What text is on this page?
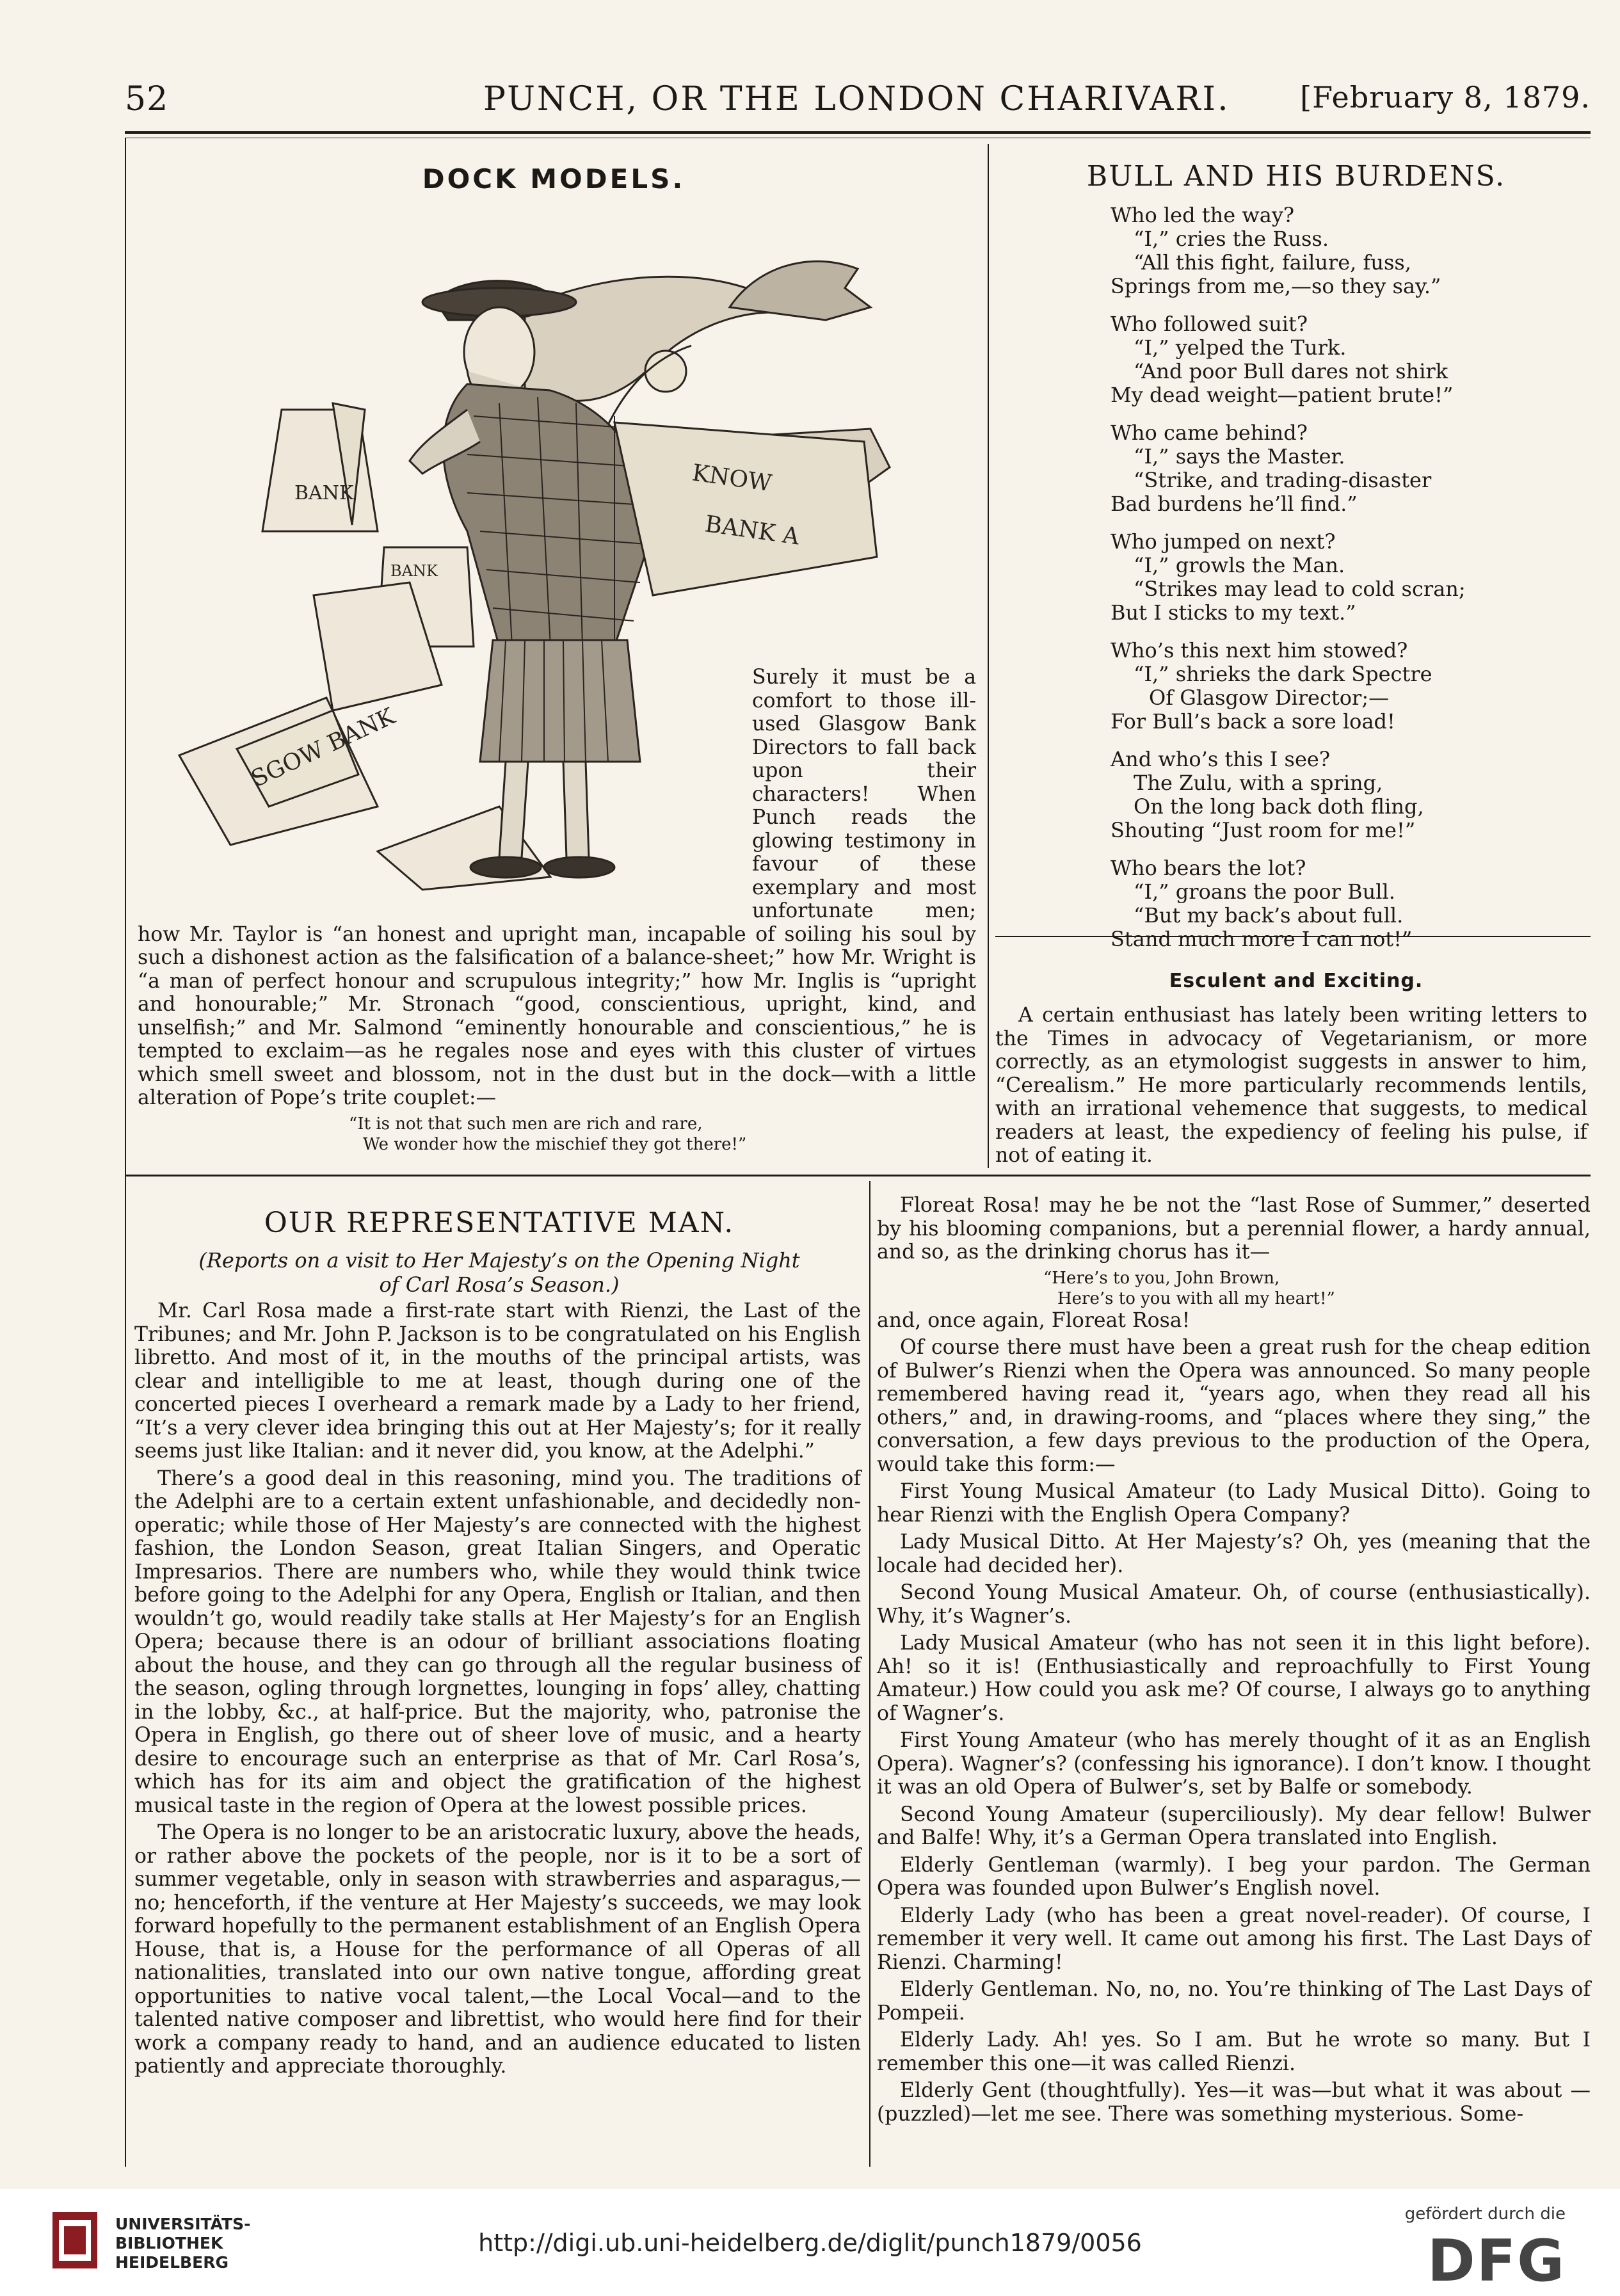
52	PUNCH, OR THE LONDON CHARIVARI. [February 8, 1879.
DOCK MODELS.
BANK
BANK
KNOW
BANK A
SGOW BANK

Surely it must be a comfort to those ill-used Glasgow Bank Directors to fall back upon their characters! When Punch reads the glowing testimony in favour of these exemplary and most unfortunate men; how Mr. Taylor is “an honest and upright man, incapable of soiling his soul by such a dishonest action as the falsification of a balance-sheet;” how Mr. Wright is “a man of perfect honour and scrupulous integrity;” how Mr. Inglis is “upright and honourable;” Mr. Stronach “good, conscientious, upright, kind, and unselfish;” and Mr. Salmond “eminently honourable and conscientious,” he is tempted to exclaim—as he regales nose and eyes with this cluster of virtues which smell sweet and blossom, not in the dust but in the dock—with a little alteration of Pope’s trite couplet:—

“It is not that such men are rich and rare,
We wonder how the mischief they got there!”
BULL AND HIS BURDENS.
Who led the way?
“I,” cries the Russ.
“All this fight, failure, fuss,
Springs from me,—so they say.”
Who followed suit?
“I,” yelped the Turk.
“And poor Bull dares not shirk
My dead weight—patient brute!”
Who came behind?
“I,” says the Master.
“Strike, and trading-disaster
Bad burdens he’ll find.”
Who jumped on next?
“I,” growls the Man.
“Strikes may lead to cold scran;
But I sticks to my text.”
Who’s this next him stowed?
“I,” shrieks the dark Spectre
Of Glasgow Director;—
For Bull’s back a sore load!
And who’s this I see?
The Zulu, with a spring,
On the long back doth fling,
Shouting “Just room for me!”
Who bears the lot?
“I,” groans the poor Bull.
“But my back’s about full.
Stand much more I can not!”
Esculent and Exciting.

A certain enthusiast has lately been writing letters to the Times in advocacy of Vegetarianism, or more correctly, as an etymologist suggests in answer to him, “Cerealism.” He more particularly recommends lentils, with an irrational vehemence that suggests, to medical readers at least, the expediency of feeling his pulse, if not of eating it.

OUR REPRESENTATIVE MAN.
(Reports on a visit to Her Majesty’s on the Opening Night of Carl Rosa’s Season.)

Mr. Carl Rosa made a first-rate start with Rienzi, the Last of the Tribunes; and Mr. John P. Jackson is to be congratulated on his English libretto. And most of it, in the mouths of the principal artists, was clear and intelligible to me at least, though during one of the concerted pieces I overheard a remark made by a Lady to her friend, “It’s a very clever idea bringing this out at Her Majesty’s; for it really seems just like Italian: and it never did, you know, at the Adelphi.”

There’s a good deal in this reasoning, mind you. The traditions of the Adelphi are to a certain extent unfashionable, and decidedly non-operatic; while those of Her Majesty’s are connected with the highest fashion, the London Season, great Italian Singers, and Operatic Impresarios. There are numbers who, while they would think twice before going to the Adelphi for any Opera, English or Italian, and then wouldn’t go, would readily take stalls at Her Majesty’s for an English Opera; because there is an odour of brilliant associations floating about the house, and they can go through all the regular business of the season, ogling through lorgnettes, lounging in fops’ alley, chatting in the lobby, &c., at half-price. But the majority, who, patronise the Opera in English, go there out of sheer love of music, and a hearty desire to encourage such an enterprise as that of Mr. Carl Rosa’s, which has for its aim and object the gratification of the highest musical taste in the region of Opera at the lowest possible prices.

The Opera is no longer to be an aristocratic luxury, above the heads, or rather above the pockets of the people, nor is it to be a sort of summer vegetable, only in season with strawberries and asparagus,—no; henceforth, if the venture at Her Majesty’s succeeds, we may look forward hopefully to the permanent establishment of an English Opera House, that is, a House for the performance of all Operas of all nationalities, translated into our own native tongue, affording great opportunities to native vocal talent,—the Local Vocal—and to the talented native composer and librettist, who would here find for their work a company ready to hand, and an audience educated to listen patiently and appreciate thoroughly.

Floreat Rosa! may he be not the “last Rose of Summer,” deserted by his blooming companions, but a perennial flower, a hardy annual, and so, as the drinking chorus has it—

“Here’s to you, John Brown,
Here’s to you with all my heart!”

and, once again, Floreat Rosa!

Of course there must have been a great rush for the cheap edition of Bulwer’s Rienzi when the Opera was announced. So many people remembered having read it, “years ago, when they read all his others,” and, in drawing-rooms, and “places where they sing,” the conversation, a few days previous to the production of the Opera, would take this form:—

First Young Musical Amateur (to Lady Musical Ditto). Going to hear Rienzi with the English Opera Company?

Lady Musical Ditto. At Her Majesty’s? Oh, yes (meaning that the locale had decided her).

Second Young Musical Amateur. Oh, of course (enthusiastically). Why, it’s Wagner’s.

Lady Musical Amateur (who has not seen it in this light before). Ah! so it is! (Enthusiastically and reproachfully to First Young Amateur.) How could you ask me? Of course, I always go to anything of Wagner’s.

First Young Amateur (who has merely thought of it as an English Opera). Wagner’s? (confessing his ignorance). I don’t know. I thought it was an old Opera of Bulwer’s, set by Balfe or somebody.

Second Young Amateur (superciliously). My dear fellow! Bulwer and Balfe! Why, it’s a German Opera translated into English.

Elderly Gentleman (warmly). I beg your pardon. The German Opera was founded upon Bulwer’s English novel.

Elderly Lady (who has been a great novel-reader). Of course, I remember it very well. It came out among his first. The Last Days of Rienzi. Charming!

Elderly Gentleman. No, no, no. You’re thinking of The Last Days of Pompeii.

Elderly Lady. Ah! yes. So I am. But he wrote so many. But I remember this one—it was called Rienzi.

Elderly Gent (thoughtfully). Yes—it was—but what it was about —(puzzled)—let me see. There was something mysterious. Some-

UNIVERSITÄTS-
BIBLIOTHEK
HEIDELBERG
http://digi.ub.uni-heidelberg.de/diglit/punch1879/0056
gefördert durch die
DFG
